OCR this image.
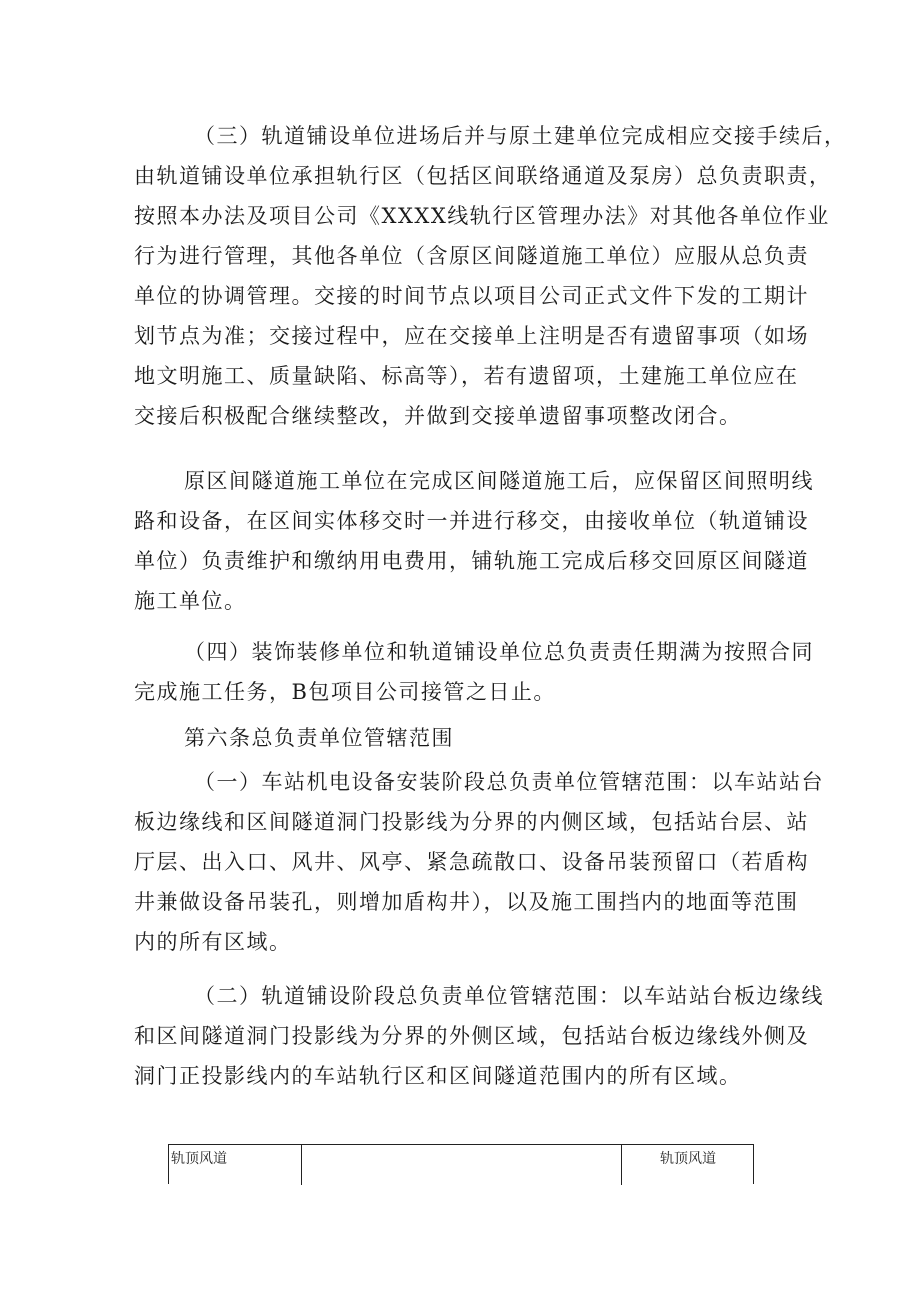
（三）轨道铺设单位进场后并与原土建单位完成相应交接手续后，
由轨道铺设单位承担轨行区（包括区间联络通道及泵房）总负责职责，
按照本办法及项目公司《XXXX线轨行区管理办法》对其他各单位作业
行为进行管理，其他各单位（含原区间隧道施工单位）应服从总负责
单位的协调管理。交接的时间节点以项目公司正式文件下发的工期计
划节点为准；交接过程中，应在交接单上注明是否有遗留事项（如场
地文明施工、质量缺陷、标高等），若有遗留项，土建施工单位应在
交接后积极配合继续整改，并做到交接单遗留事项整改闭合。
原区间隧道施工单位在完成区间隧道施工后，应保留区间照明线
路和设备，在区间实体移交时一并进行移交，由接收单位（轨道铺设
单位）负责维护和缴纳用电费用，铺轨施工完成后移交回原区间隧道
施工单位。
（四）装饰装修单位和轨道铺设单位总负责责任期满为按照合同
完成施工任务，B包项目公司接管之日止。
第六条总负责单位管辖范围
（一）车站机电设备安装阶段总负责单位管辖范围：以车站站台
板边缘线和区间隧道洞门投影线为分界的内侧区域，包括站台层、站
厅层、出入口、风井、风亭、紧急疏散口、设备吊装预留口（若盾构
井兼做设备吊装孔，则增加盾构井），以及施工围挡内的地面等范围
内的所有区域。
（二）轨道铺设阶段总负责单位管辖范围：以车站站台板边缘线
和区间隧道洞门投影线为分界的外侧区域，包括站台板边缘线外侧及
洞门正投影线内的车站轨行区和区间隧道范围内的所有区域。
轨顶风道	轨顶风道
